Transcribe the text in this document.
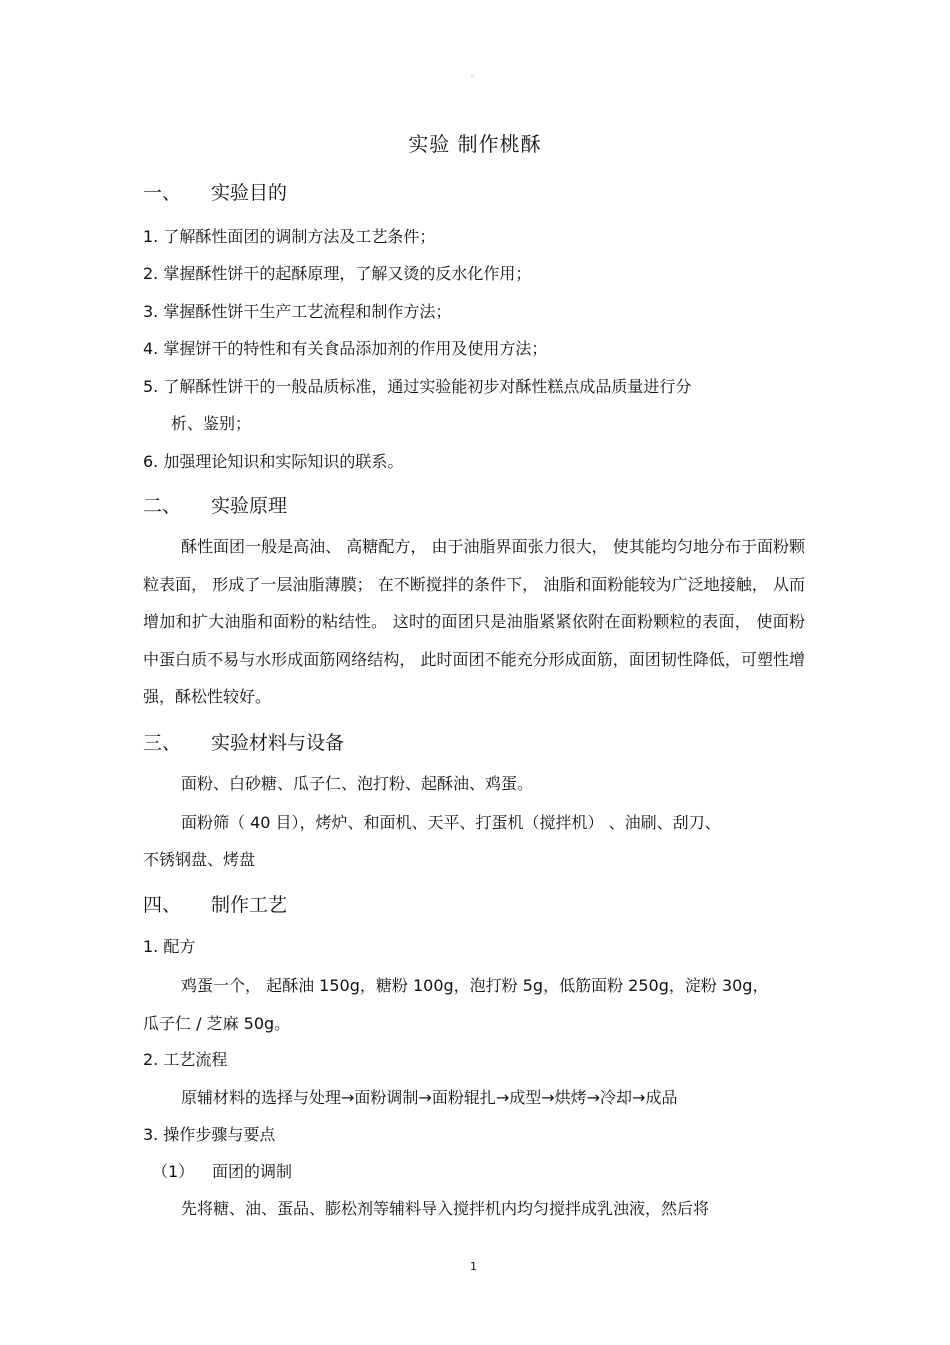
◦
实验 制作桃酥
一、 实验目的
1. 了解酥性面团的调制方法及工艺条件；
2. 掌握酥性饼干的起酥原理，了解又烫的反水化作用；
3. 掌握酥性饼干生产工艺流程和制作方法；
4. 掌握饼干的特性和有关食品添加剂的作用及使用方法；
5. 了解酥性饼干的一般品质标准，通过实验能初步对酥性糕点成品质量进行分
析、鉴别；
6. 加强理论知识和实际知识的联系。
二、 实验原理
酥性面团一般是高油、 高糖配方， 由于油脂界面张力很大， 使其能均匀地分布于面粉颗粒表面， 形成了一层油脂薄膜； 在不断搅拌的条件下， 油脂和面粉能较为广泛地接触， 从而增加和扩大油脂和面粉的粘结性。 这时的面团只是油脂紧紧依附在面粉颗粒的表面， 使面粉中蛋白质不易与水形成面筋网络结构， 此时面团不能充分形成面筋，面团韧性降低，可塑性增强，酥松性较好。
三、 实验材料与设备
面粉、白砂糖、瓜子仁、泡打粉、起酥油、鸡蛋。
面粉筛（ 40 目），烤炉、和面机、天平、打蛋机（搅拌机） 、油刷、刮刀、
不锈钢盘、烤盘
四、 制作工艺
1. 配方
鸡蛋一个， 起酥油 150g，糖粉 100g，泡打粉 5g，低筋面粉 250g，淀粉 30g，
瓜子仁 / 芝麻 50g。
2. 工艺流程
原辅材料的选择与处理→面粉调制→面粉辊扎→成型→烘烤→冷却→成品
3. 操作步骤与要点
（1） 面团的调制
先将糖、油、蛋品、膨松剂等辅料导入搅拌机内均匀搅拌成乳浊液，然后将
1
